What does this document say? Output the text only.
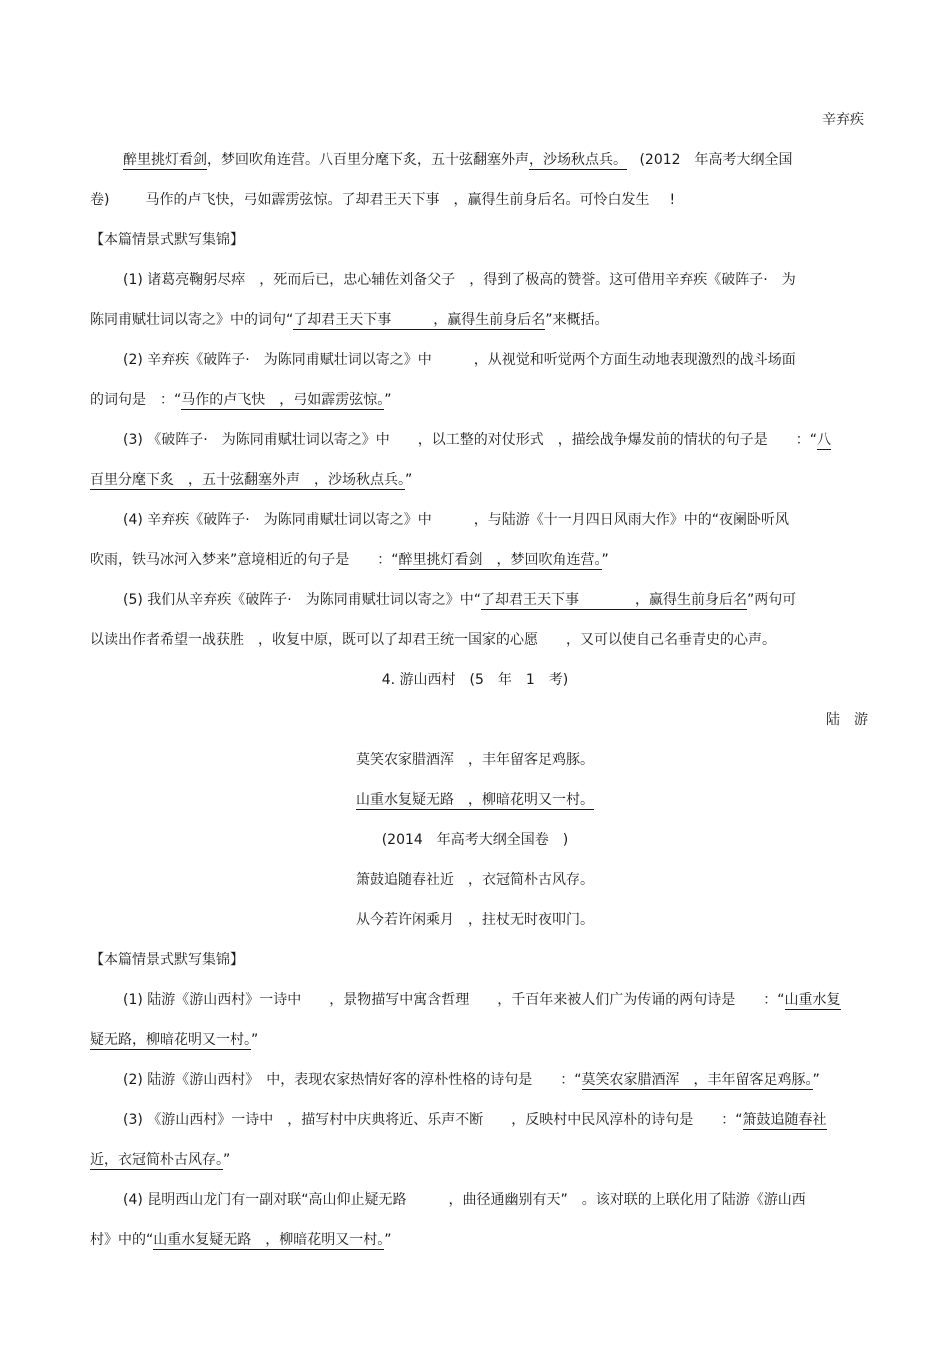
辛弃疾
醉里挑灯看剑，梦回吹角连营。八百里分麾下炙，五十弦翻塞外声，沙场秋点兵。 (2012　年高考大纲全国
卷)	马作的卢飞快，弓如霹雳弦惊。了却君王天下事 ，赢得生前身后名。可怜白发生 !
【本篇情景式默写集锦】
(1) 诸葛亮鞠躬尽瘁　，死而后已，忠心辅佐刘备父子　，得到了极高的赞誉。这可借用辛弃疾《破阵子·　为
陈同甫赋壮词以寄之》中的词句“了却君王天下事　　　，赢得生前身后名”来概括。
(2) 辛弃疾《破阵子·　为陈同甫赋壮词以寄之》中　　　，从视觉和听觉两个方面生动地表现激烈的战斗场面
的词句是　：“马作的卢飞快　，弓如霹雳弦惊。”
(3) 《破阵子·　为陈同甫赋壮词以寄之》中　　，以工整的对仗形式　，描绘战争爆发前的情状的句子是　　：“八
百里分麾下炙　，五十弦翻塞外声　，沙场秋点兵。”
(4) 辛弃疾《破阵子·　为陈同甫赋壮词以寄之》中　　　，与陆游《十一月四日风雨大作》中的“夜阑卧听风
吹雨，铁马冰河入梦来”意境相近的句子是　　：“醉里挑灯看剑　，梦回吹角连营。”
(5) 我们从辛弃疾《破阵子·　为陈同甫赋壮词以寄之》中“了却君王天下事　　　　，赢得生前身后名”两句可
以读出作者希望一战获胜　，收复中原，既可以了却君王统一国家的心愿　　，又可以使自己名垂青史的心声。
4. 游山西村　(5　年　1　考)
陆　游
莫笑农家腊酒浑　，丰年留客足鸡豚。
山重水复疑无路　，柳暗花明又一村。
(2014　年高考大纲全国卷　)
箫鼓追随春社近　，衣冠简朴古风存。
从今若许闲乘月　，拄杖无时夜叩门。
【本篇情景式默写集锦】
(1) 陆游《游山西村》一诗中　　，景物描写中寓含哲理　　，千百年来被人们广为传诵的两句诗是　　：“山重水复
疑无路，柳暗花明又一村。”
(2) 陆游《游山西村》　中，表现农家热情好客的淳朴性格的诗句是　　：“莫笑农家腊酒浑　，丰年留客足鸡豚。”
(3) 《游山西村》一诗中　，描写村中庆典将近、乐声不断　　，反映村中民风淳朴的诗句是　　：“箫鼓追随春社
近，衣冠简朴古风存。”
(4) 昆明西山龙门有一副对联“高山仰止疑无路　　　，曲径通幽别有天”　。该对联的上联化用了陆游《游山西
村》中的“山重水复疑无路　，柳暗花明又一村。”
